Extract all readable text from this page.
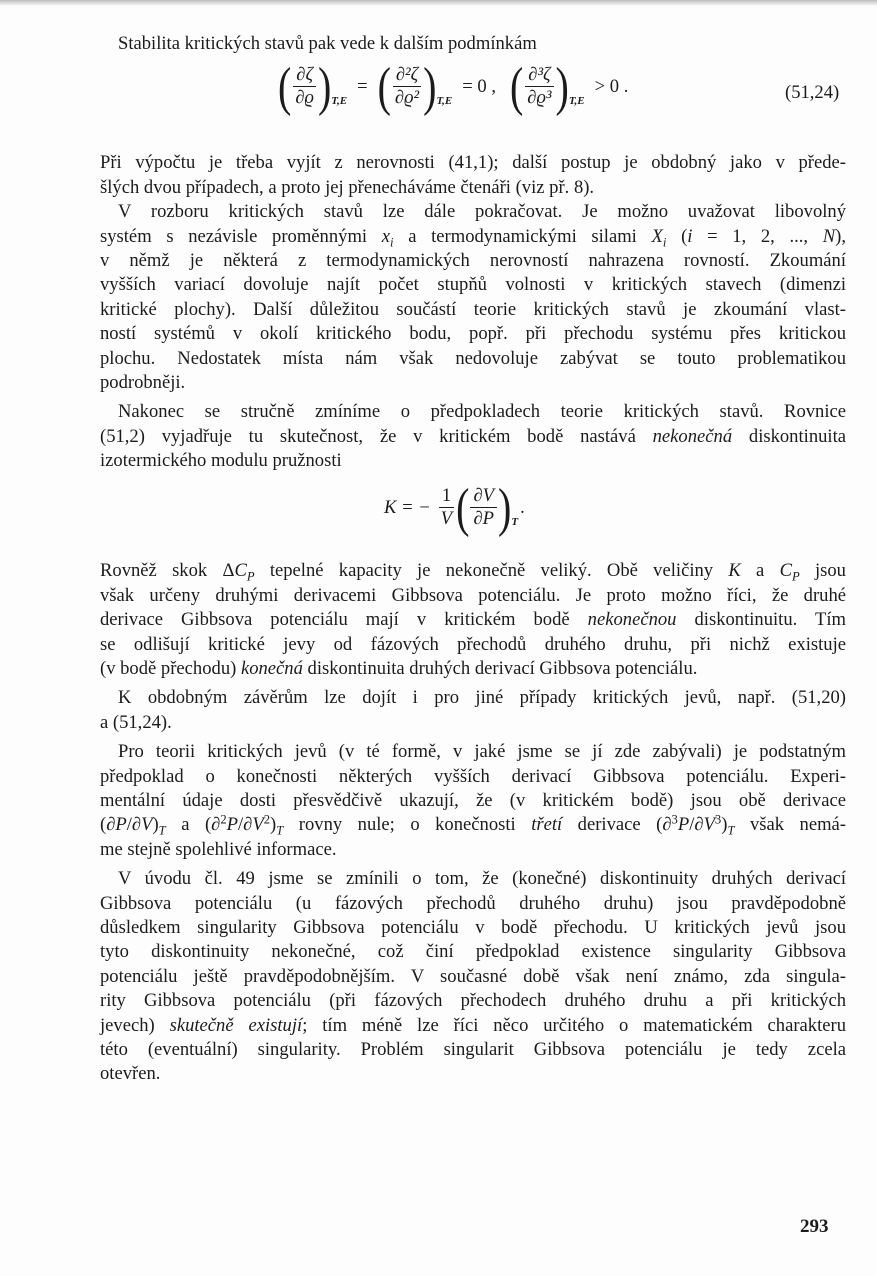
Stabilita kritických stavů pak vede k dalším podmínkám
( $\frac{\partial\zeta}{\partial ϱ}$ ) T,E
= ( $\frac{\text{∂²ζ}}{\text{∂ϱ²}}$ ) T,E
= 0 , ( $\frac{\text{∂³ζ}}{\text{∂ϱ³}}$ ) T,E
> 0 .	(51,24)
Při výpočtu je třeba vyjít z nerovnosti (41,1); další postup je obdobný jako v přede-
šlých dvou případech, a proto jej přenecháváme čtenáři (viz př. 8).
V rozboru kritických stavů lze dále pokračovat. Je možno uvažovat libovolný
systém s nezávisle proměnnými $x_i$ a termodynamickými silami $X_i$ (i = 1, 2, ..., N),
v němž je některá z termodynamických nerovností nahrazena rovností. Zkoumání
vyšších variací dovoluje najít počet stupňů volnosti v kritických stavech (dimenzi
kritické plochy). Další důležitou součástí teorie kritických stavů je zkoumání vlast-
ností systémů v okolí kritického bodu, popř. při přechodu systému přes kritickou
plochu. Nedostatek místa nám však nedovoluje zabývat se touto problematikou
podrobněji.
Nakonec se stručně zmíníme o předpokladech teorie kritických stavů. Rovnice
(51,2) vyjadřuje tu skutečnost, že v kritickém bodě nastává nekonečná diskontinuita
izotermického modulu pružnosti
K = − $\frac{1}{V}$ ( $\frac{\partial V}{\partial P}$ ) T
.
Rovněž skok $\Delta C_P$ tepelné kapacity je nekonečně veliký. Obě veličiny K a $C_P$ jsou
však určeny druhými derivacemi Gibbsova potenciálu. Je proto možno říci, že druhé
derivace Gibbsova potenciálu mají v kritickém bodě nekonečnou diskontinuitu. Tím
se odlišují kritické jevy od fázových přechodů druhého druhu, při nichž existuje
(v bodě přechodu) konečná diskontinuita druhých derivací Gibbsova potenciálu.
K obdobným závěrům lze dojít i pro jiné případy kritických jevů, např. (51,20)
a (51,24).
Pro teorii kritických jevů (v té formě, v jaké jsme se jí zde zabývali) je podstatným
předpoklad o konečnosti některých vyšších derivací Gibbsova potenciálu. Experi-
mentální údaje dosti přesvědčivě ukazují, že (v kritickém bodě) jsou obě derivace
$(\partial P/\partial V)_T$ a $(\partial^2P/\partial V^2)_T$ rovny nule; o konečnosti třetí derivace $(\partial^3P/\partial V^3)_T$ však nemá-
me stejně spolehlivé informace.
V úvodu čl. 49 jsme se zmínili o tom, že (konečné) diskontinuity druhých derivací
Gibbsova potenciálu (u fázových přechodů druhého druhu) jsou pravděpodobně
důsledkem singularity Gibbsova potenciálu v bodě přechodu. U kritických jevů jsou
tyto diskontinuity nekonečné, což činí předpoklad existence singularity Gibbsova
potenciálu ještě pravděpodobnějším. V současné době však není známo, zda singula-
rity Gibbsova potenciálu (při fázových přechodech druhého druhu a při kritických
jevech) skutečně existují; tím méně lze říci něco určitého o matematickém charakteru
této (eventuální) singularity. Problém singularit Gibbsova potenciálu je tedy zcela
otevřen.
293
